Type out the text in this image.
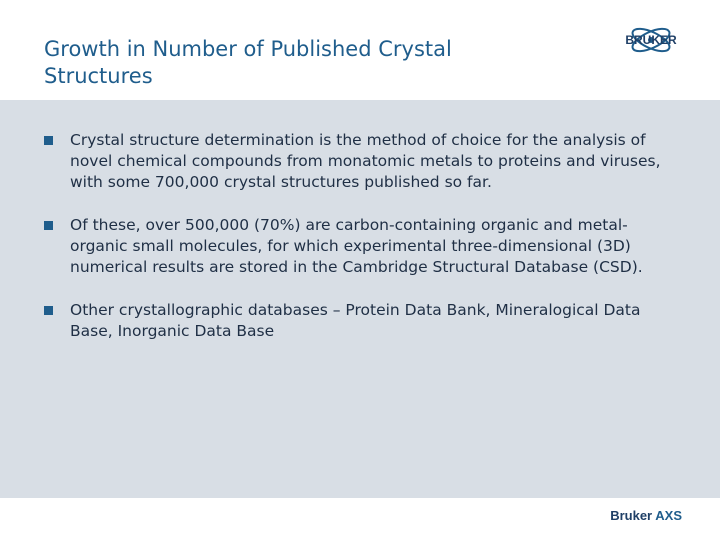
Growth in Number of Published Crystal
Structures
BRUKER
Crystal structure determination is the method of choice for the analysis of novel chemical compounds from monatomic metals to proteins and viruses, with some 700,000 crystal structures published so far.
Of these, over 500,000 (70%) are carbon-containing organic and metal-organic small molecules, for which experimental three-dimensional (3D) numerical results are stored in the Cambridge Structural Database (CSD).
Other crystallographic databases – Protein Data Bank, Mineralogical Data Base, Inorganic Data Base
Bruker AXS
